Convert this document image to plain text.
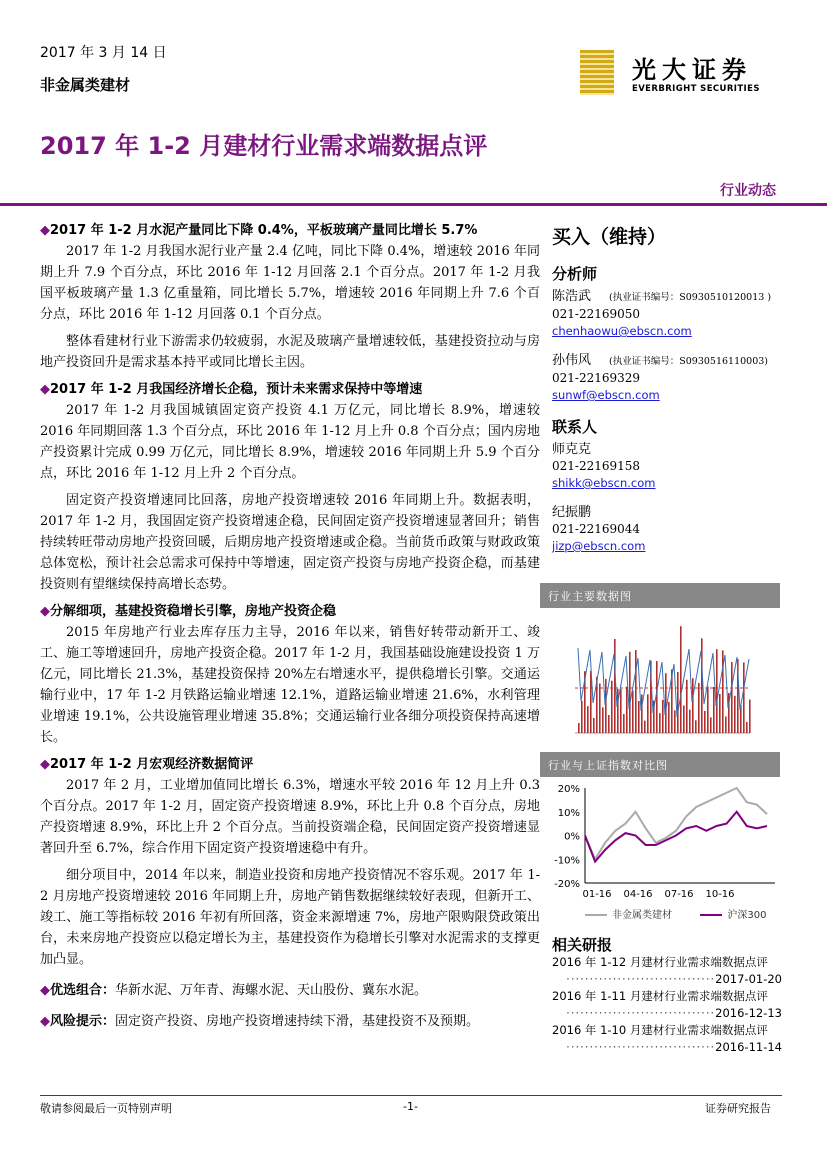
2017 年 3 月 14 日
非金属类建材
光大证券
EVERBRIGHT SECURITIES
2017 年 1-2 月建材行业需求端数据点评
行业动态
◆2017 年 1-2 月水泥产量同比下降 0.4%，平板玻璃产量同比增长 5.7%

2017 年 1-2 月我国水泥行业产量 2.4 亿吨，同比下降 0.4%，增速较 2016 年同期上升 7.9 个百分点，环比 2016 年 1-12 月回落 2.1 个百分点。2017 年 1-2 月我国平板玻璃产量 1.3 亿重量箱，同比增长 5.7%，增速较 2016 年同期上升 7.6 个百分点，环比 2016 年 1-12 月回落 0.1 个百分点。

整体看建材行业下游需求仍较疲弱，水泥及玻璃产量增速较低，基建投资拉动与房地产投资回升是需求基本持平或同比增长主因。

◆2017 年 1-2 月我国经济增长企稳，预计未来需求保持中等增速

2017 年 1-2 月我国城镇固定资产投资 4.1 万亿元，同比增长 8.9%，增速较 2016 年同期回落 1.3 个百分点，环比 2016 年 1-12 月上升 0.8 个百分点；国内房地产投资累计完成 0.99 万亿元，同比增长 8.9%，增速较 2016 年同期上升 5.9 个百分点，环比 2016 年 1-12 月上升 2 个百分点。

固定资产投资增速同比回落，房地产投资增速较 2016 年同期上升。数据表明，2017 年 1-2 月，我国固定资产投资增速企稳，民间固定资产投资增速显著回升；销售持续转旺带动房地产投资回暖，后期房地产投资增速或企稳。当前货币政策与财政政策总体宽松，预计社会总需求可保持中等增速，固定资产投资与房地产投资企稳，而基建投资则有望继续保持高增长态势。

◆分解细项，基建投资稳增长引擎，房地产投资企稳

2015 年房地产行业去库存压力主导，2016 年以来，销售好转带动新开工、竣工、施工等增速回升，房地产投资企稳。2017 年 1-2 月，我国基础设施建设投资 1 万亿元，同比增长 21.3%，基建投资保持 20%左右增速水平，提供稳增长引擎。交通运输行业中，17 年 1-2 月铁路运输业增速 12.1%，道路运输业增速 21.6%，水利管理业增速 19.1%，公共设施管理业增速 35.8%；交通运输行业各细分项投资保持高速增长。

◆2017 年 1-2 月宏观经济数据简评

2017 年 2 月，工业增加值同比增长 6.3%，增速水平较 2016 年 12 月上升 0.3 个百分点。2017 年 1-2 月，固定资产投资增速 8.9%，环比上升 0.8 个百分点，房地产投资增速 8.9%，环比上升 2 个百分点。当前投资端企稳，民间固定资产投资增速显著回升至 6.7%，综合作用下固定资产投资增速稳中有升。

细分项目中，2014 年以来，制造业投资和房地产投资情况不容乐观。2017 年 1-2 月房地产投资增速较 2016 年同期上升，房地产销售数据继续较好表现，但新开工、竣工、施工等指标较 2016 年初有所回落，资金来源增速 7%，房地产限购限贷政策出台，未来房地产投资应以稳定增长为主，基建投资作为稳增长引擎对水泥需求的支撑更加凸显。

◆优选组合：华新水泥、万年青、海螺水泥、天山股份、冀东水泥。
◆风险提示：固定资产投资、房地产投资增速持续下滑，基建投资不及预期。
买入（维持）
分析师
陈浩武 (执业证书编号：S0930510120013 )
021-22169050
chenhaowu@ebscn.com
孙伟风 (执业证书编号：S0930516110003)
021-22169329
sunwf@ebscn.com
联系人
师克克
021-22169158
shikk@ebscn.com
纪振鹏
021-22169044
jizp@ebscn.com
行业主要数据图
行业与上证指数对比图
20%
10%
0%
-10%
-20%
01-16 04-16 07-16 10-16
非金属类建材	沪深300
相关研报
2016 年 1-12 月建材行业需求端数据点评
································2017-01-20
2016 年 1-11 月建材行业需求端数据点评
································2016-12-13
2016 年 1-10 月建材行业需求端数据点评
································2016-11-14
敬请参阅最后一页特别声明	-1-	证券研究报告
